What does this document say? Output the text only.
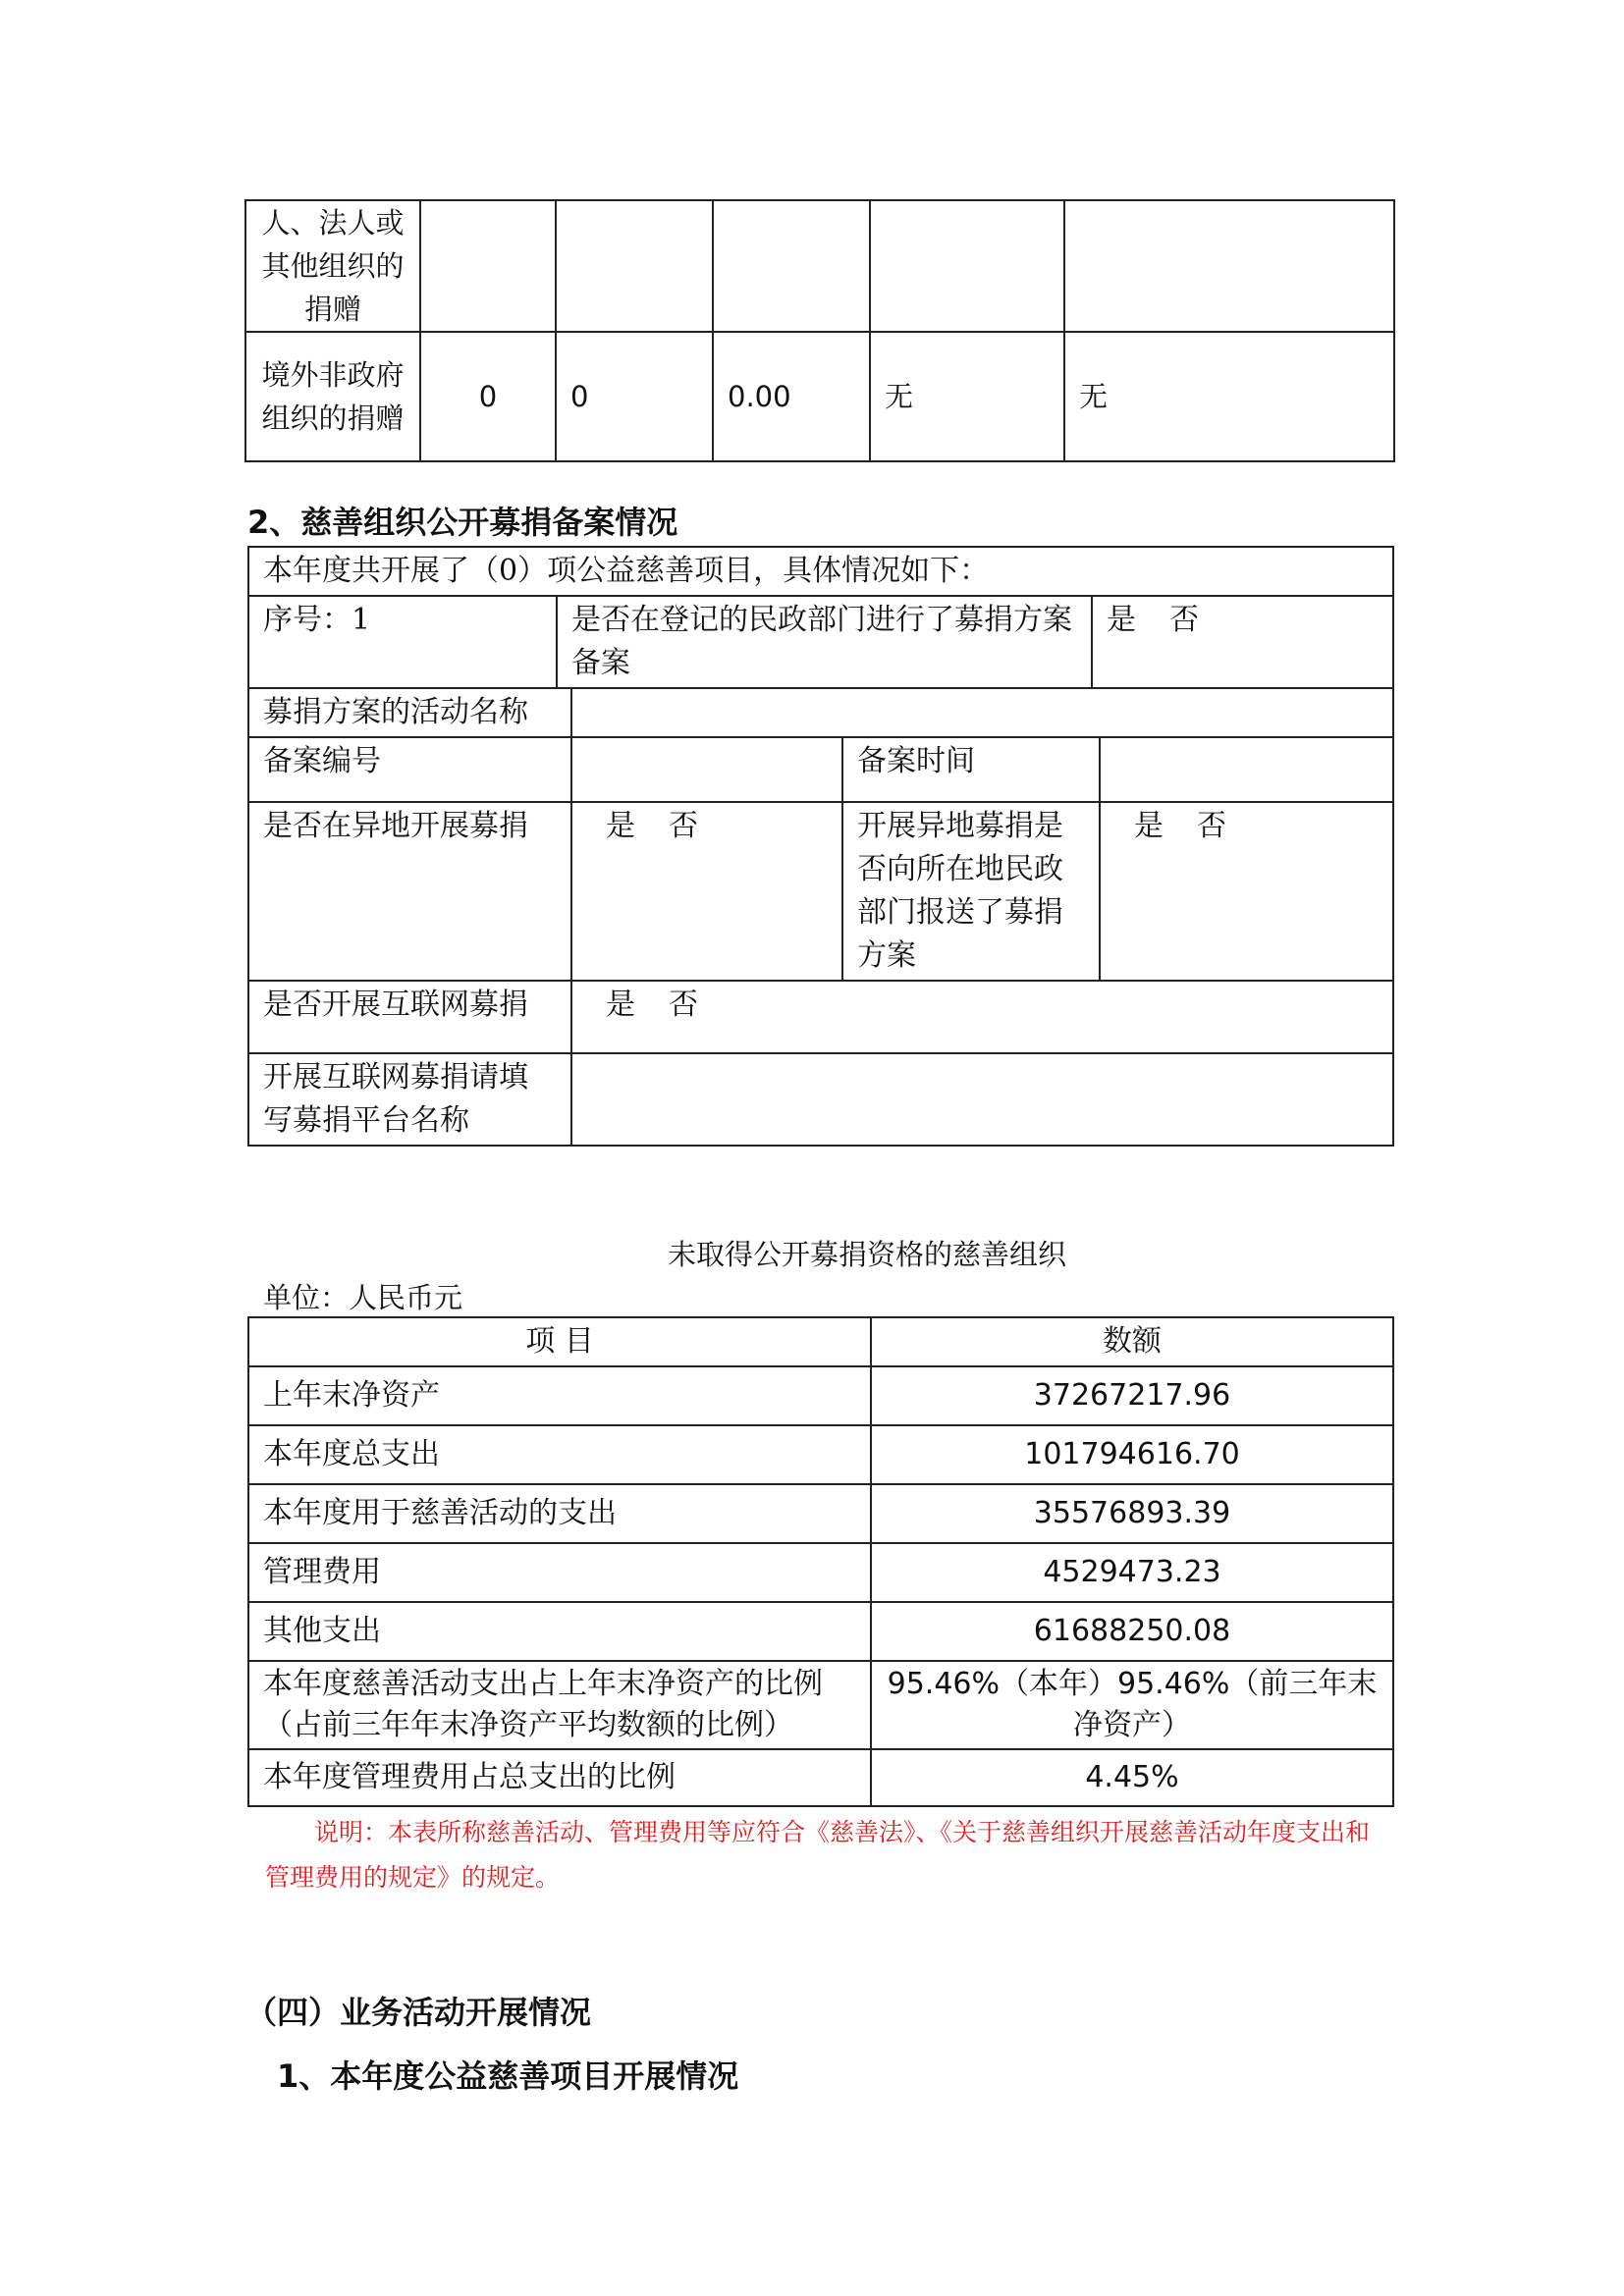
人、法人或其他组织的捐赠					
境外非政府组织的捐赠	0	0	0.00	无	无
2、慈善组织公开募捐备案情况
本年度共开展了（0）项公益慈善项目，具体情况如下：					
序号：1	是否在登记的民政部门进行了募捐方案备案			是 否	
募捐方案的活动名称					
备案编号			备案时间		
是否在异地开展募捐		是 否	开展异地募捐是否向所在地民政部门报送了募捐方案		是 否
是否开展互联网募捐		是 否			
开展互联网募捐请填写募捐平台名称					
未取得公开募捐资格的慈善组织
单位：人民币元
项 目	数额
上年末净资产	37267217.96
本年度总支出	101794616.70
本年度用于慈善活动的支出	35576893.39
管理费用	4529473.23
其他支出	61688250.08
本年度慈善活动支出占上年末净资产的比例（占前三年年末净资产平均数额的比例）	95.46%（本年）95.46%（前三年末净资产）
本年度管理费用占总支出的比例	4.45%
说明：本表所称慈善活动、管理费用等应符合《慈善法》、《关于慈善组织开展慈善活动年度支出和管理费用的规定》的规定。
（四）业务活动开展情况
1、本年度公益慈善项目开展情况
